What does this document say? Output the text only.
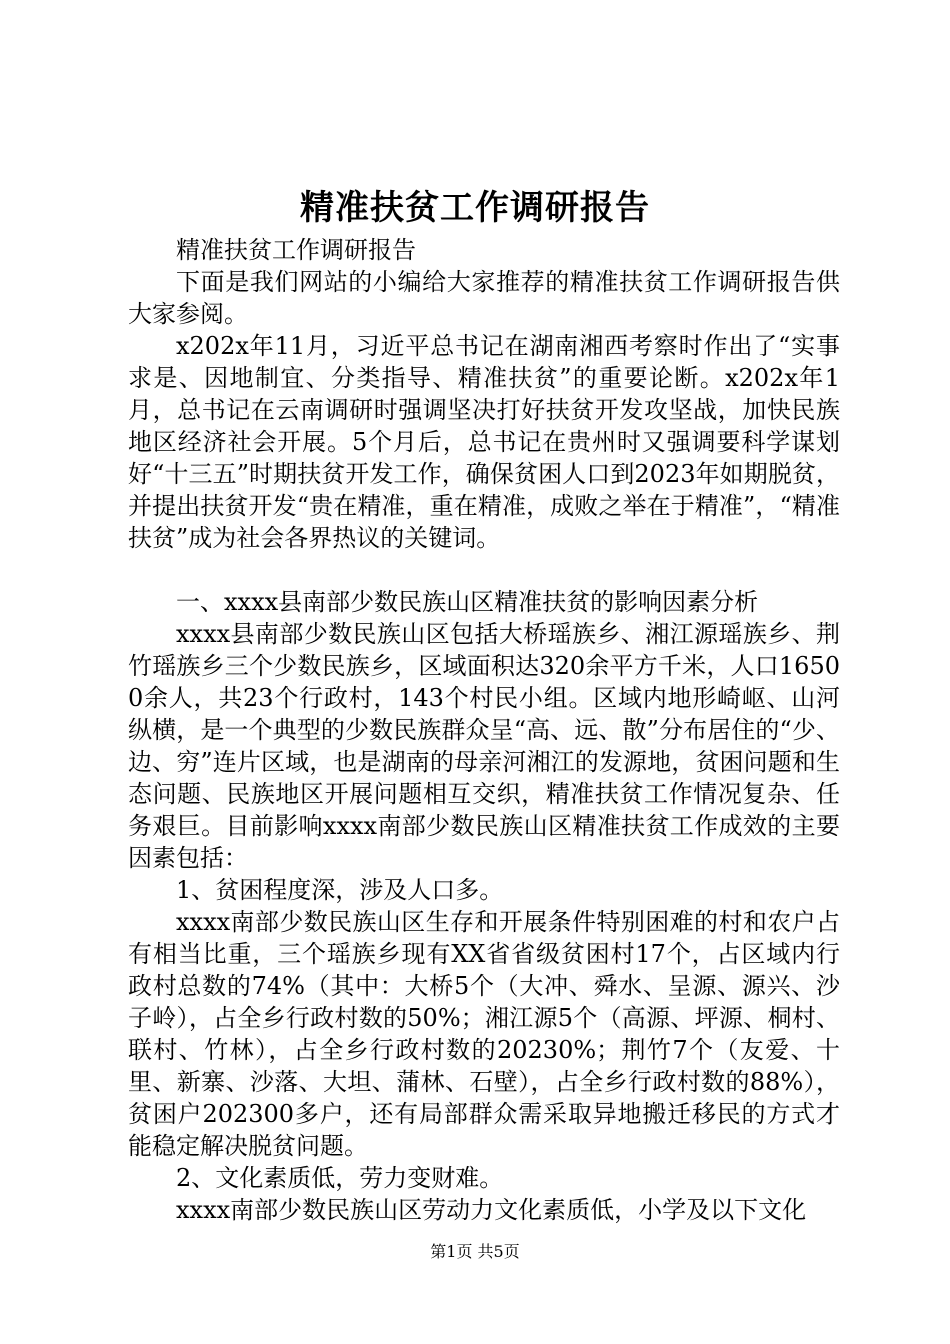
精准扶贫工作调研报告

精准扶贫工作调研报告

下面是我们网站的小编给大家推荐的精准扶贫工作调研报告供大家参阅。

x202x年11月，习近平总书记在湖南湘西考察时作出了“实事求是、因地制宜、分类指导、精准扶贫”的重要论断。x202x年1月，总书记在云南调研时强调坚决打好扶贫开发攻坚战，加快民族地区经济社会开展。5个月后，总书记在贵州时又强调要科学谋划好“十三五”时期扶贫开发工作，确保贫困人口到2023年如期脱贫，并提出扶贫开发“贵在精准，重在精准，成败之举在于精准”，“精准扶贫”成为社会各界热议的关键词。

一、xxxx县南部少数民族山区精准扶贫的影响因素分析

xxxx县南部少数民族山区包括大桥瑶族乡、湘江源瑶族乡、荆竹瑶族乡三个少数民族乡，区域面积达320余平方千米，人口16500余人，共23个行政村，143个村民小组。区域内地形崎岖、山河纵横，是一个典型的少数民族群众呈“高、远、散”分布居住的“少、边、穷”连片区域，也是湖南的母亲河湘江的发源地，贫困问题和生态问题、民族地区开展问题相互交织，精准扶贫工作情况复杂、任务艰巨。目前影响xxxx南部少数民族山区精准扶贫工作成效的主要因素包括：

1、贫困程度深，涉及人口多。

xxxx南部少数民族山区生存和开展条件特别困难的村和农户占有相当比重，三个瑶族乡现有XX省省级贫困村17个，占区域内行政村总数的74%（其中：大桥5个（大冲、舜水、呈源、源兴、沙子岭），占全乡行政村数的50%；湘江源5个（高源、坪源、桐村、联村、竹林），占全乡行政村数的20230%；荆竹7个（友爱、十里、新寨、沙落、大坦、蒲林、石壁），占全乡行政村数的88%），贫困户202300多户，还有局部群众需采取异地搬迁移民的方式才能稳定解决脱贫问题。

2、文化素质低，劳力变财难。

xxxx南部少数民族山区劳动力文化素质低，小学及以下文化

第1页 共5页
